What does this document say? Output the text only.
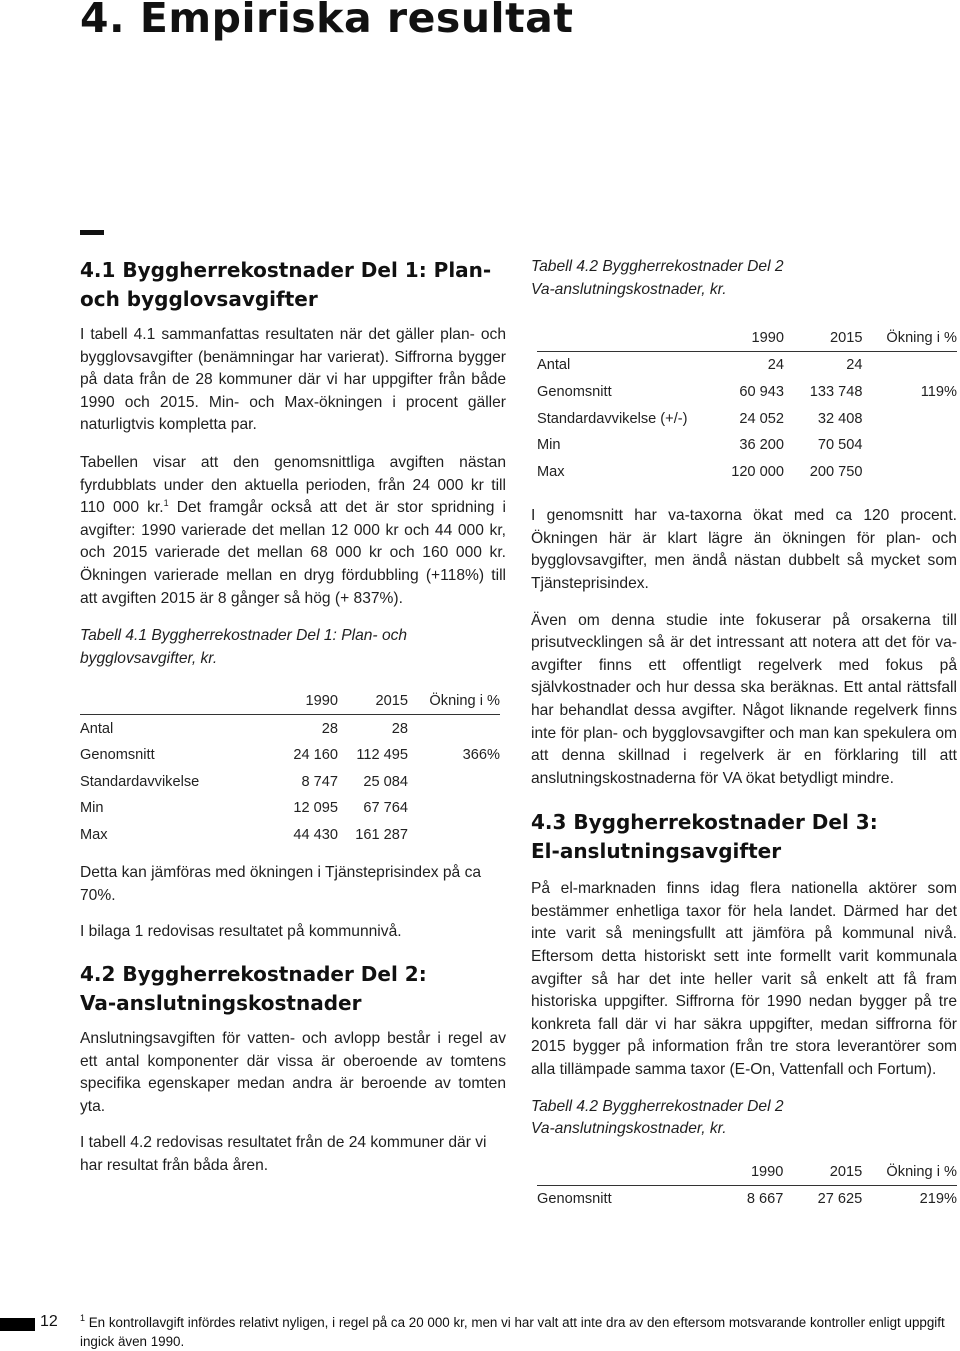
4. Empiriska resultat
4.1 Byggherrekostnader Del 1: Plan-
och bygglovsavgifter

I tabell 4.1 sammanfattas resultaten när det gäller plan- och bygglovsavgifter (benämningar har varierat). Siffrorna bygger på data från de 28 kommuner där vi har uppgifter från både 1990 och 2015. Min- och Max-ökningen i procent gäller naturligtvis kompletta par.

Tabellen visar att den genomsnittliga avgiften nästan fyrdubblats under den aktuella perioden, från 24 000 kr till 110 000 kr.$^1$ Det framgår också att det är stor spridning i avgifter: 1990 varierade det mellan 12 000 kr och 44 000 kr, och 2015 varierade det mellan 68 000 kr och 160 000 kr. Ökningen varierade mellan en dryg fördubbling (+118%) till att avgiften 2015 är 8 gånger så hög (+ 837%).

Tabell 4.1 Byggherrekostnader Del 1: Plan- och bygglovsavgifter, kr.

	1990	2015	Ökning i %
Antal	28	28	
Genomsnitt	24 160	112 495	366%
Standardavvikelse	8 747	25 084	
Min	12 095	67 764	
Max	44 430	161 287	

Detta kan jämföras med ökningen i Tjänsteprisindex på ca 70%.

I bilaga 1 redovisas resultatet på kommunnivå.

4.2 Byggherrekostnader Del 2:
Va-anslutningskostnader

Anslutningsavgiften för vatten- och avlopp består i regel av ett antal komponenter där vissa är oberoende av tomtens specifika egenskaper medan andra är beroende av tomten yta.

I tabell 4.2 redovisas resultatet från de 24 kommuner där vi har resultat från båda åren.

Tabell 4.2 Byggherrekostnader Del 2
Va-anslutningskostnader, kr.

	1990	2015	Ökning i %
Antal	24	24	
Genomsnitt	60 943	133 748	119%
Standardavvikelse (+/-)	24 052	32 408	
Min	36 200	70 504	
Max	120 000	200 750	

I genomsnitt har va-taxorna ökat med ca 120 procent. Ökningen här är klart lägre än ökningen för plan- och bygglovsavgifter, men ändå nästan dubbelt så mycket som Tjänsteprisindex.

Även om denna studie inte fokuserar på orsakerna till prisutvecklingen så är det intressant att notera att det för va-avgifter finns ett offentligt regelverk med fokus på självkostnader och hur dessa ska beräknas. Ett antal rättsfall har behandlat dessa avgifter. Något liknande regelverk finns inte för plan- och bygglovsavgifter och man kan spekulera om att denna skillnad i regelverk är en förklaring till att anslutningskostnaderna för VA ökat betydligt mindre.

4.3 Byggherrekostnader Del 3:
El-anslutningsavgifter

På el-marknaden finns idag flera nationella aktörer som bestämmer enhetliga taxor för hela landet. Därmed har det inte varit så meningsfullt att jämföra på kommunal nivå. Eftersom detta historiskt sett inte formellt varit kommunala avgifter så har det inte heller varit så enkelt att få fram historiska uppgifter. Siffrorna för 1990 nedan bygger på tre konkreta fall där vi har säkra uppgifter, medan siffrorna för 2015 bygger på information från tre stora leverantörer som alla tillämpade samma taxor (E-On, Vattenfall och Fortum).

Tabell 4.2 Byggherrekostnader Del 2
Va-anslutningskostnader, kr.

	1990	2015	Ökning i %
Genomsnitt	8 667	27 625	219%
12 $^1$ En kontrollavgift infördes relativt nyligen, i regel på ca 20 000 kr, men vi har valt att inte dra av den eftersom motsvarande kontroller enligt uppgift ingick även 1990.
